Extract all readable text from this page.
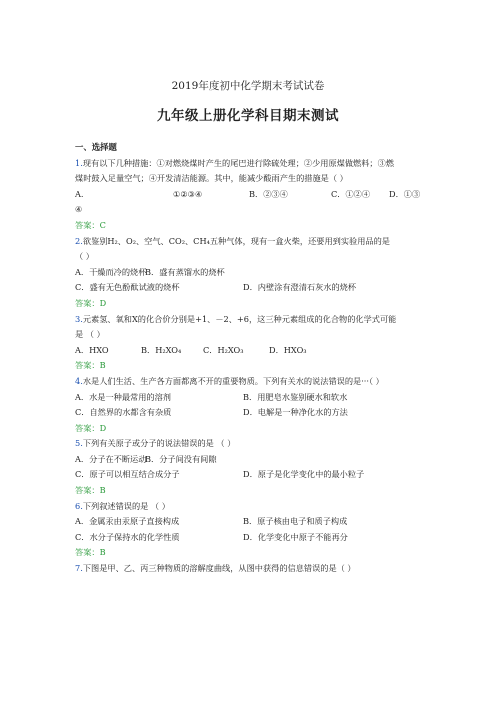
2019年度初中化学期末考试试卷
九年级上册化学科目期末测试
一、选择题
1.现有以下几种措施：①对燃烧煤时产生的尾巴进行除硫处理；②少用原煤做燃料；③燃
煤时鼓入足量空气；④开发清洁能源。其中，能减少酸雨产生的措施是（ ）
A.	①②③④	B．②③④	C．①②④ D．①③
④
答案：C
2.欲鉴别H₂、O₂、空气、CO₂、CH₄五种气体，现有一盒火柴，还要用到实验用品的是
（ ）
A．干燥而冷的烧杯B．盛有蒸馏水的烧杯
C．盛有无色酚酞试液的烧杯	D．内壁涂有澄清石灰水的烧杯
答案：D
3.元素氢、氧和X的化合价分别是+1、－2、+6，这三种元素组成的化合物的化学式可能
是 （ ）
A．HXO	B．H₂XO₄	C．H₂XO₃	D．HXO₃
答案：B
4.水是人们生活、生产各方面都离不开的重要物质。下列有关水的说法错误的是···（ ）
A．水是一种最常用的溶剂	B．用肥皂水鉴别硬水和软水
C．自然界的水都含有杂质	D．电解是一种净化水的方法
答案：D
5.下列有关原子或分子的说法错误的是 （ ）
A．分子在不断运动B．分子间没有间隙
C．原子可以相互结合成分子	D．原子是化学变化中的最小粒子
答案：B
6.下列叙述错误的是 （ ）
A．金属汞由汞原子直接构成	B．原子核由电子和质子构成
C．水分子保持水的化学性质	D．化学变化中原子不能再分
答案：B
7.下图是甲、乙、丙三种物质的溶解度曲线，从图中获得的信息错误的是（ ）
